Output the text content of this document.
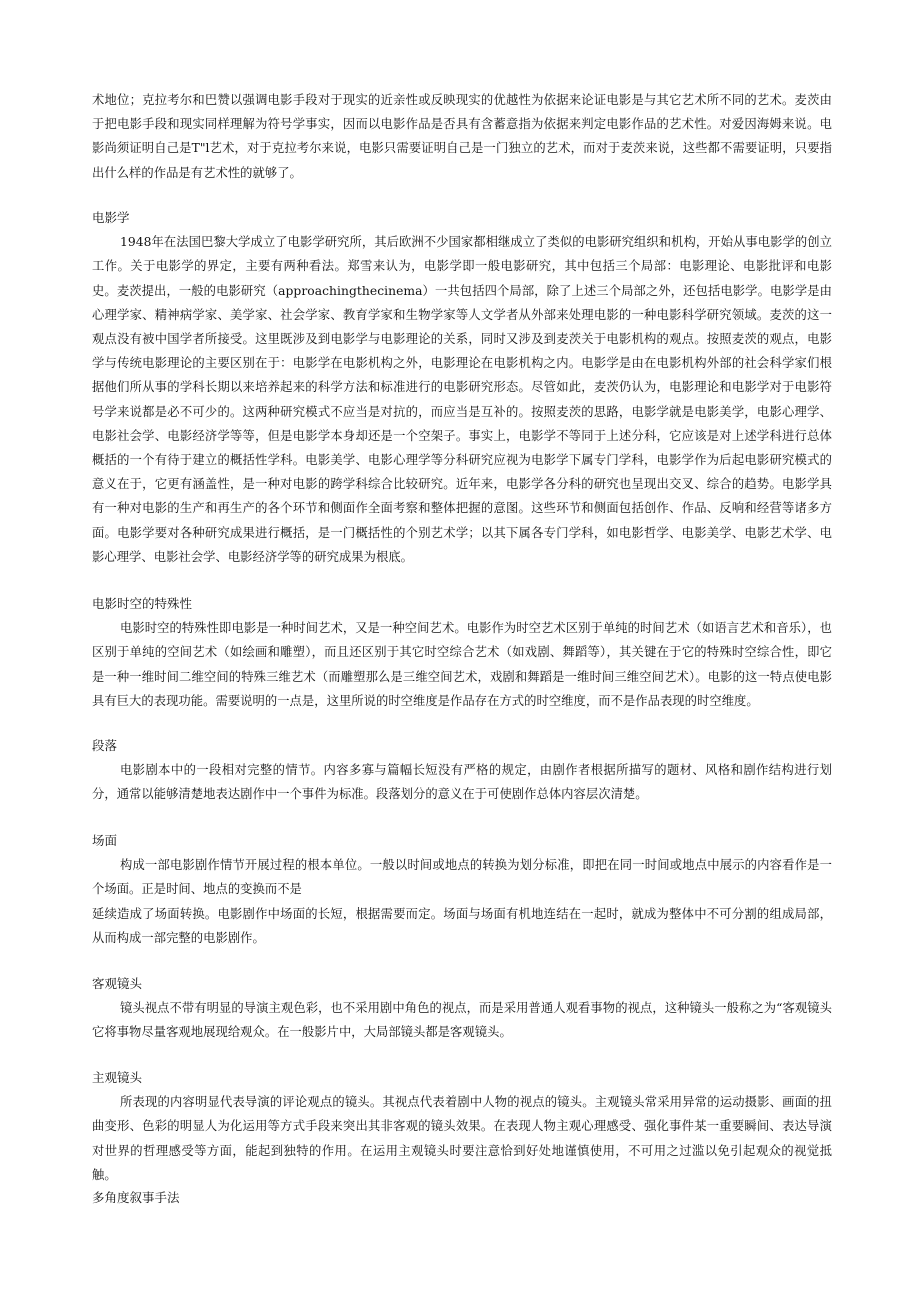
术地位；克拉考尔和巴赞以强调电影手段对于现实的近亲性或反映现实的优越性为依据来论证电影是与其它艺术所不同的艺术。麦茨由于把电影手段和现实同样理解为符号学事实，因而以电影作品是否具有含蓄意指为依据来判定电影作品的艺术性。对爱因海姆来说。电影尚须证明自己是T"l艺术，对于克拉考尔来说，电影只需要证明自己是一门独立的艺术，而对于麦茨来说，这些都不需要证明，只要指出什么样的作品是有艺术性的就够了。

电影学

1948年在法国巴黎大学成立了电影学研究所，其后欧洲不少国家都相继成立了类似的电影研究组织和机构，开始从事电影学的创立工作。关于电影学的界定，主要有两种看法。郑雪来认为，电影学即一般电影研究，其中包括三个局部：电影理论、电影批评和电影史。麦茨提出，一般的电影研究（approachingthecinema）一共包括四个局部，除了上述三个局部之外，还包括电影学。电影学是由心理学家、精神病学家、美学家、社会学家、教育学家和生物学家等人文学者从外部来处理电影的一种电影科学研究领域。麦茨的这一观点没有被中国学者所接受。这里既涉及到电影学与电影理论的关系，同时又涉及到麦茨关于电影机构的观点。按照麦茨的观点，电影学与传统电影理论的主要区别在于：电影学在电影机构之外，电影理论在电影机构之内。电影学是由在电影机构外部的社会科学家们根据他们所从事的学科长期以来培养起来的科学方法和标准进行的电影研究形态。尽管如此，麦茨仍认为，电影理论和电影学对于电影符号学来说都是必不可少的。这两种研究模式不应当是对抗的，而应当是互补的。按照麦茨的思路，电影学就是电影美学，电影心理学、电影社会学、电影经济学等等，但是电影学本身却还是一个空架子。事实上，电影学不等同于上述分科，它应该是对上述学科进行总体概括的一个有待于建立的概括性学科。电影美学、电影心理学等分科研究应视为电影学下属专门学科，电影学作为后起电影研究模式的意义在于，它更有涵盖性，是一种对电影的跨学科综合比较研究。近年来，电影学各分科的研究也呈现出交叉、综合的趋势。电影学具有一种对电影的生产和再生产的各个环节和侧面作全面考察和整体把握的意图。这些环节和侧面包括创作、作品、反响和经营等诸多方面。电影学要对各种研究成果进行概括，是一门概括性的个别艺术学；以其下属各专门学科，如电影哲学、电影美学、电影艺术学、电影心理学、电影社会学、电影经济学等的研究成果为根底。

电影时空的特殊性

电影时空的特殊性即电影是一种时间艺术，又是一种空间艺术。电影作为时空艺术区别于单纯的时间艺术（如语言艺术和音乐），也区别于单纯的空间艺术（如绘画和雕塑），而且还区别于其它时空综合艺术（如戏剧、舞蹈等），其关键在于它的特殊时空综合性，即它是一种一维时间二维空间的特殊三维艺术（而雕塑那么是三维空间艺术，戏剧和舞蹈是一维时间三维空间艺术）。电影的这一特点使电影具有巨大的表现功能。需要说明的一点是，这里所说的时空维度是作品存在方式的时空维度，而不是作品表现的时空维度。

段落

电影剧本中的一段相对完整的情节。内容多寡与篇幅长短没有严格的规定，由剧作者根据所描写的题材、风格和剧作结构进行划分，通常以能够清楚地表达剧作中一个事件为标准。段落划分的意义在于可使剧作总体内容层次清楚。

场面

构成一部电影剧作情节开展过程的根本单位。一般以时间或地点的转换为划分标准，即把在同一时间或地点中展示的内容看作是一个场面。正是时间、地点的变换而不是
延续造成了场面转换。电影剧作中场面的长短，根据需要而定。场面与场面有机地连结在一起时，就成为整体中不可分割的组成局部，从而构成一部完整的电影剧作。

客观镜头

镜头视点不带有明显的导演主观色彩，也不采用剧中角色的视点，而是采用普通人观看事物的视点，这种镜头一般称之为“客观镜头它将事物尽量客观地展现给观众。在一般影片中，大局部镜头都是客观镜头。

主观镜头

所表现的内容明显代表导演的评论观点的镜头。其视点代表着剧中人物的视点的镜头。主观镜头常采用异常的运动摄影、画面的扭曲变形、色彩的明显人为化运用等方式手段来突出其非客观的镜头效果。在表现人物主观心理感受、强化事件某一重要瞬间、表达导演对世界的哲理感受等方面，能起到独特的作用。在运用主观镜头时要注意恰到好处地谨慎使用，不可用之过滥以免引起观众的视觉抵触。

多角度叙事手法
